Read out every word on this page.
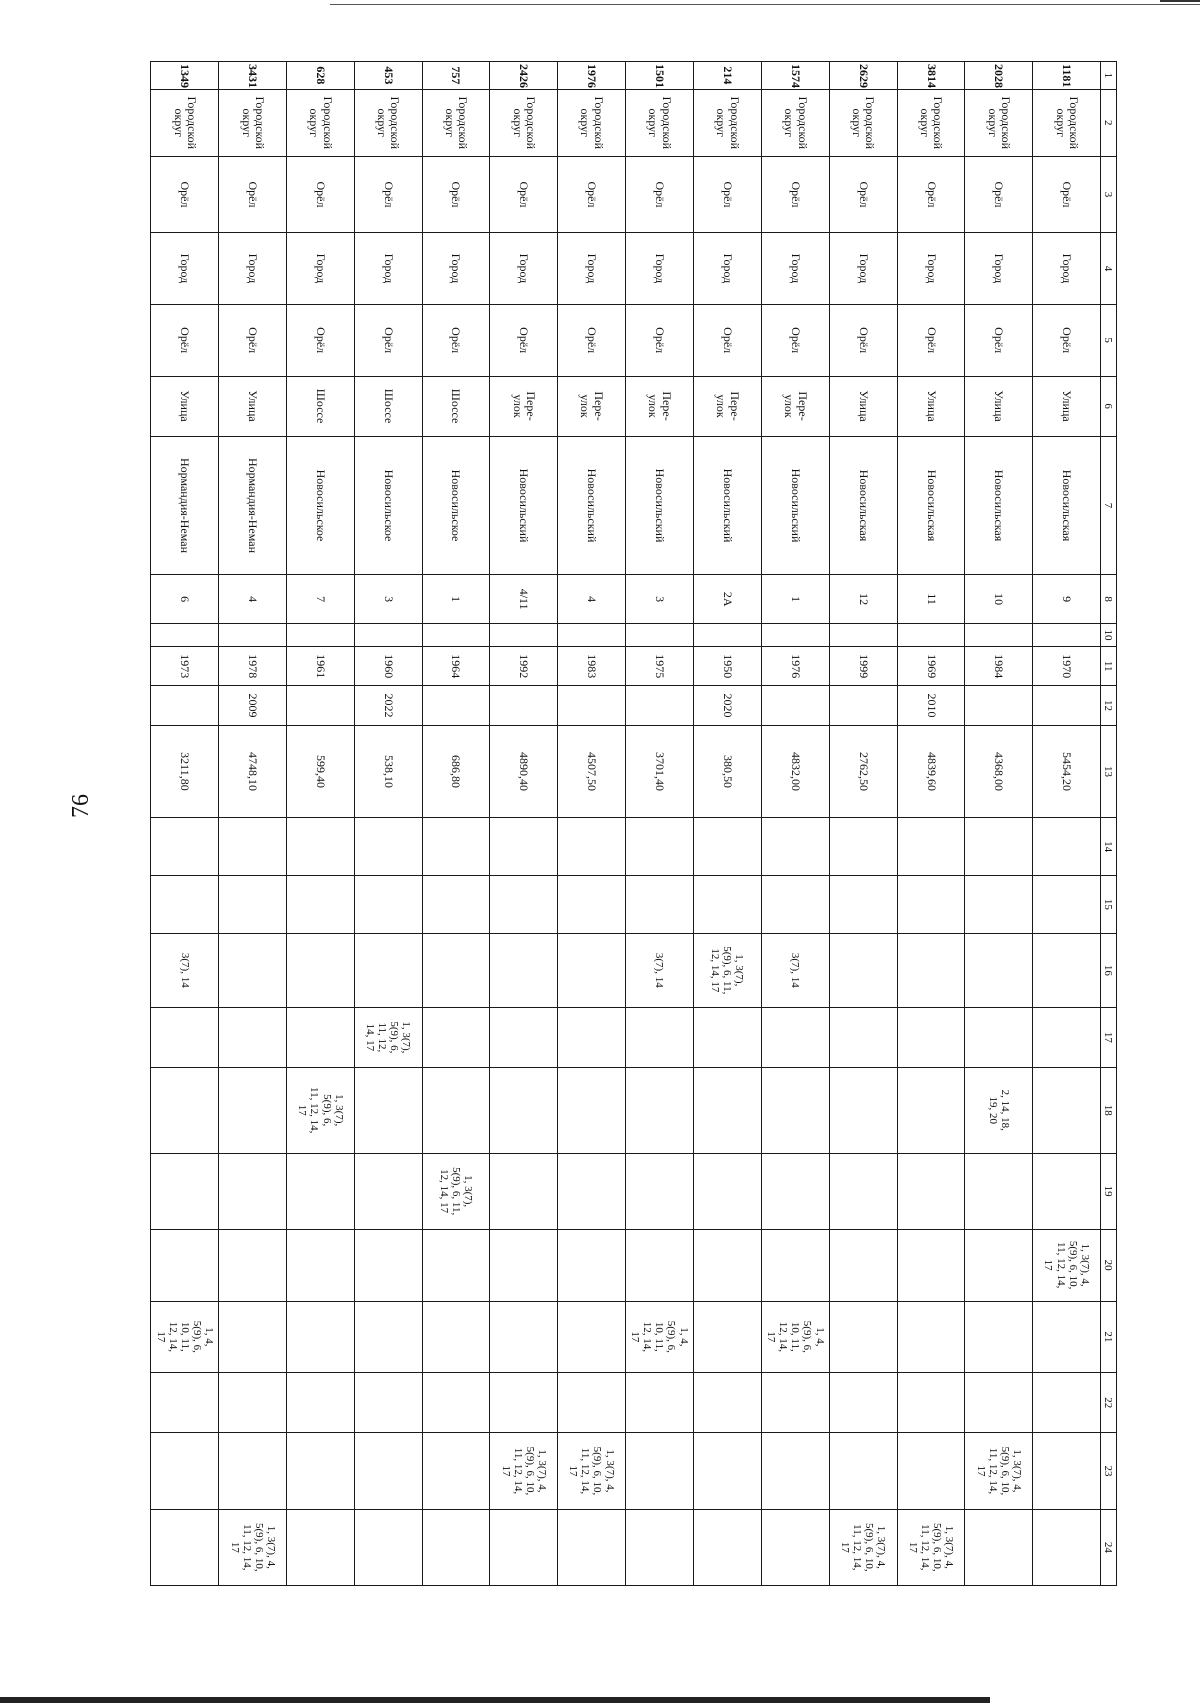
76
1	2	3	4	5	6	7	8	10	11	12	13	14	15	16	17	18	19	20	21	22	23	24
1181	Городской
округ	Орёл	Город	Орёл	Улица	Новосильская	9		1970		5454,20							1, 3(7), 4,
5(9), 6, 10,
11, 12, 14,
17				
2028	Городской
округ	Орёл	Город	Орёл	Улица	Новосильская	10		1984		4368,00					2, 14, 18,
19, 20					1, 3(7), 4,
5(9), 6, 10,
11, 12, 14,
17	
3814	Городской
округ	Орёл	Город	Орёл	Улица	Новосильская	11		1969	2010	4839,60											1, 3(7), 4,
5(9), 6, 10,
11, 12, 14,
17
2629	Городской
округ	Орёл	Город	Орёл	Улица	Новосильская	12		1999		2762,50											1, 3(7), 4,
5(9), 6, 10,
11, 12, 14,
17
1574	Городской
округ	Орёл	Город	Орёл	Пере-
улок	Новосильский	1		1976		4832,00			3(7), 14					1, 4,
5(9), 6,
10, 11,
12, 14,
17			
214	Городской
округ	Орёл	Город	Орёл	Пере-
улок	Новосильский	2А		1950	2020	380,50			1, 3(7),
5(9), 6, 11,
12, 14, 17								
1501	Городской
округ	Орёл	Город	Орёл	Пере-
улок	Новосильский	3		1975		3701,40			3(7), 14					1, 4,
5(9), 6,
10, 11,
12, 14,
17			
1976	Городской
округ	Орёл	Город	Орёл	Пере-
улок	Новосильский	4		1983		4507,50										1, 3(7), 4,
5(9), 6, 10,
11, 12, 14,
17	
2426	Городской
округ	Орёл	Город	Орёл	Пере-
улок	Новосильский	4/11		1992		4890,40										1, 3(7), 4,
5(9), 6, 10,
11, 12, 14,
17	
757	Городской
округ	Орёл	Город	Орёл	Шоссе	Новосильское	1		1964		686,80						1, 3(7),
5(9), 6, 11,
12, 14, 17					
453	Городской
округ	Орёл	Город	Орёл	Шоссе	Новосильское	3		1960	2022	538,10				1, 3(7),
5(9), 6,
11, 12,
14, 17							
628	Городской
округ	Орёл	Город	Орёл	Шоссе	Новосильское	7		1961		599,40					1, 3(7),
5(9), 6,
11, 12, 14,
17						
3431	Городской
округ	Орёл	Город	Орёл	Улица	Нормандия-Неман	4		1978	2009	4748,10											1, 3(7), 4,
5(9), 6, 10,
11, 12, 14,
17
1349	Городской
округ	Орёл	Город	Орёл	Улица	Нормандия-Неман	6		1973		3211,80			3(7), 14					1, 4,
5(9), 6,
10, 11,
12, 14,
17			
